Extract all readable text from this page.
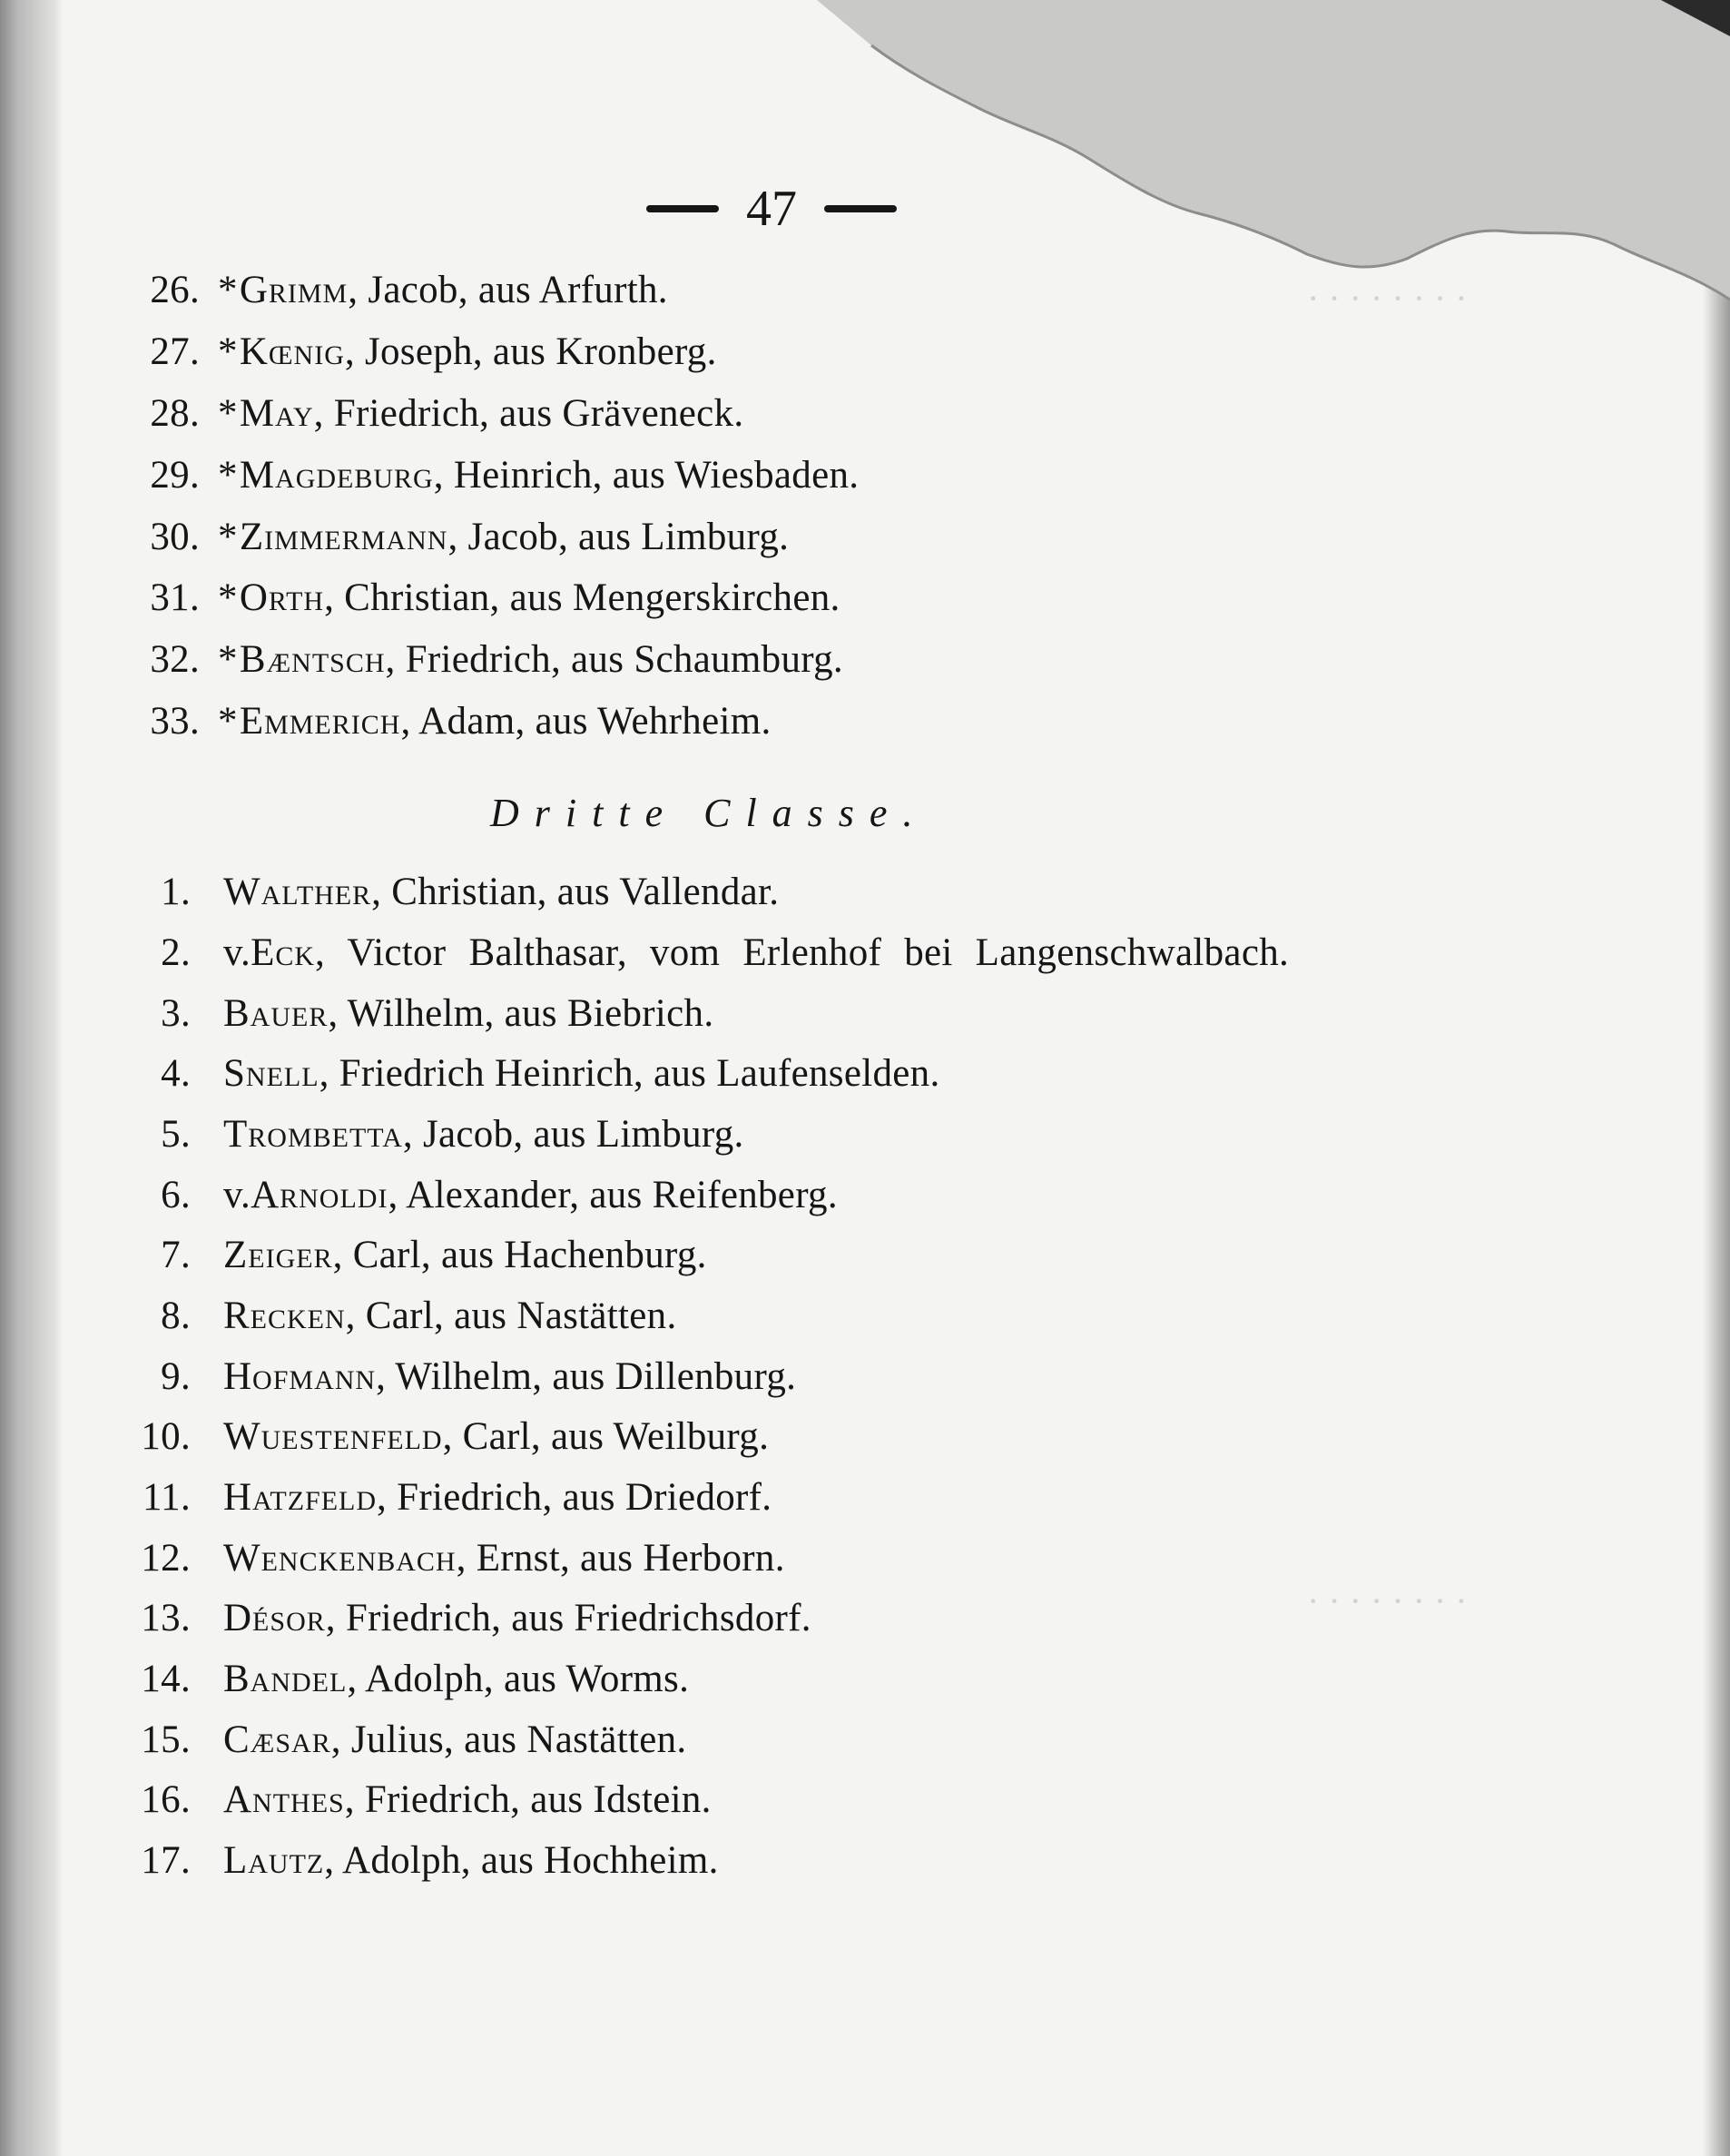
· · · · · · · ·
· · · · · · · ·
47
26. * Grimm , Jacob, aus Arfurth.
27. * Kœnig , Joseph, aus Kronberg.
28. * May , Friedrich, aus Gräveneck.
29. * Magdeburg , Heinrich, aus Wiesbaden.
30. * Zimmermann , Jacob, aus Limburg.
31. * Orth , Christian, aus Mengerskirchen.
32. * Bæntsch , Friedrich, aus Schaumburg.
33. * Emmerich , Adam, aus Wehrheim.
Dritte Classe.
1. Walther , Christian, aus Vallendar.
2. v. Eck , Victor Balthasar, vom Erlenhof bei Langenschwalbach.
3. Bauer , Wilhelm, aus Biebrich.
4. Snell , Friedrich Heinrich, aus Laufenselden.
5. Trombetta , Jacob, aus Limburg.
6. v. Arnoldi , Alexander, aus Reifenberg.
7. Zeiger , Carl, aus Hachenburg.
8. Recken , Carl, aus Nastätten.
9. Hofmann , Wilhelm, aus Dillenburg.
10. Wuestenfeld , Carl, aus Weilburg.
11. Hatzfeld , Friedrich, aus Driedorf.
12. Wenckenbach , Ernst, aus Herborn.
13. Désor , Friedrich, aus Friedrichsdorf.
14. Bandel , Adolph, aus Worms.
15. Cæsar , Julius, aus Nastätten.
16. Anthes , Friedrich, aus Idstein.
17. Lautz , Adolph, aus Hochheim.
